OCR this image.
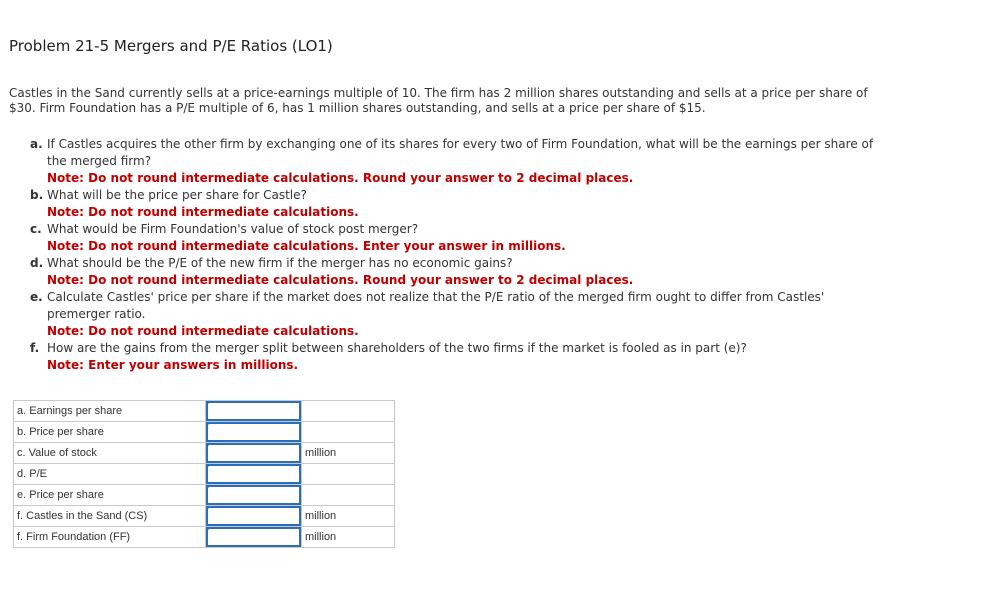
Problem 21-5 Mergers and P/E Ratios (LO1)

Castles in the Sand currently sells at a price-earnings multiple of 10. The firm has 2 million shares outstanding and sells at a price per share of $30. Firm Foundation has a P/E multiple of 6, has 1 million shares outstanding, and sells at a price per share of $15.

a. If Castles acquires the other firm by exchanging one of its shares for every two of Firm Foundation, what will be the earnings per share of the merged firm?
Note: Do not round intermediate calculations. Round your answer to 2 decimal places.
b. What will be the price per share for Castle?
Note: Do not round intermediate calculations.
c. What would be Firm Foundation's value of stock post merger?
Note: Do not round intermediate calculations. Enter your answer in millions.
d. What should be the P/E of the new firm if the merger has no economic gains?
Note: Do not round intermediate calculations. Round your answer to 2 decimal places.
e. Calculate Castles' price per share if the market does not realize that the P/E ratio of the merged firm ought to differ from Castles' premerger ratio.
Note: Do not round intermediate calculations.
f. How are the gains from the merger split between shareholders of the two firms if the market is fooled as in part (e)?
Note: Enter your answers in millions.
a. Earnings per share	

b. Price per share	

c. Value of stock		million
d. P/E	

e. Price per share	

f. Castles in the Sand (CS)		million
f. Firm Foundation (FF)		million
